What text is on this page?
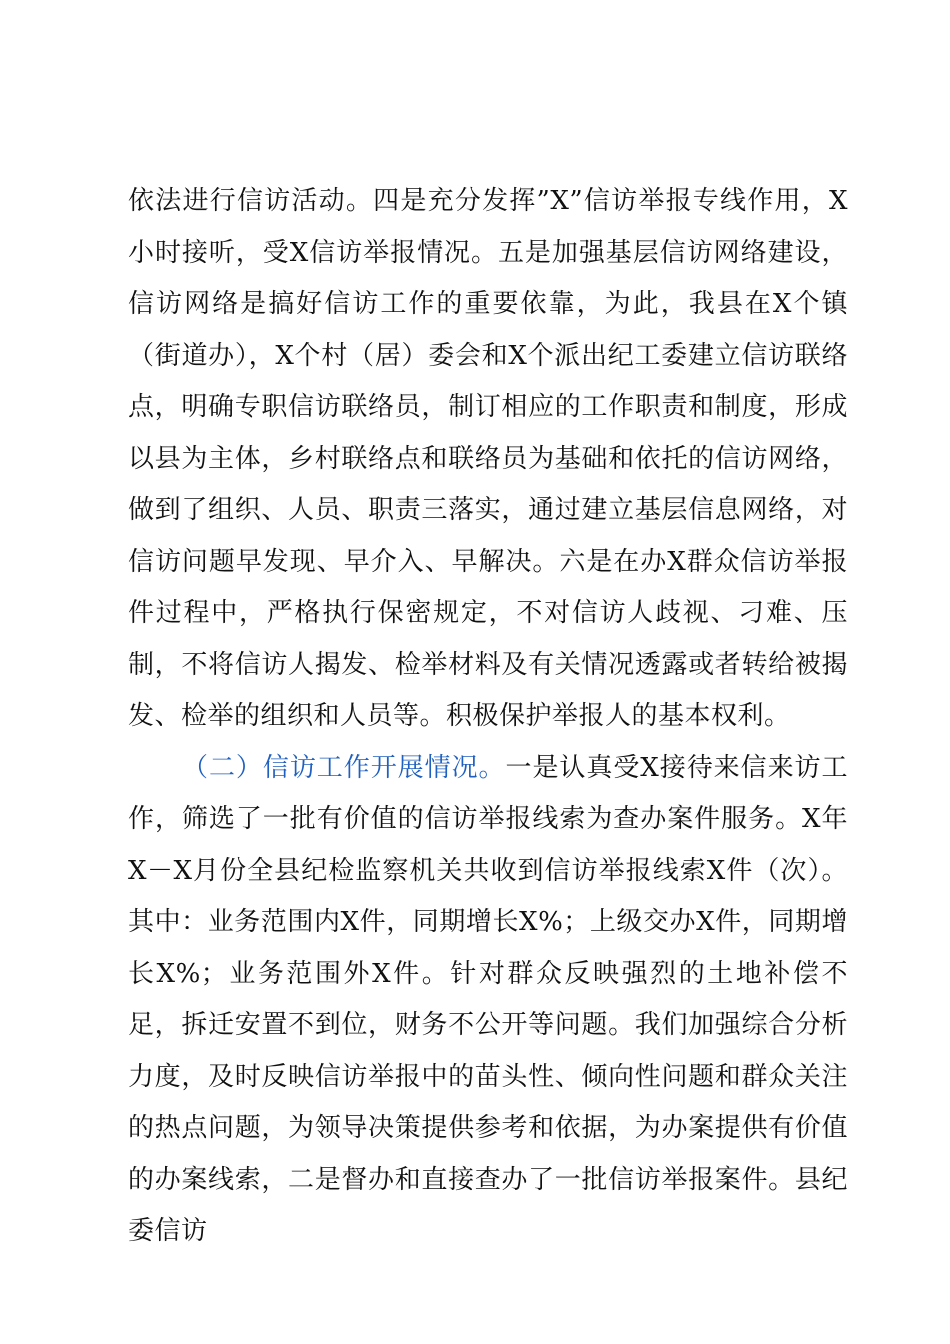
依法进行信访活动。四是充分发挥”X”信访举报专线作用，X小时接听，受X信访举报情况。五是加强基层信访网络建设，信访网络是搞好信访工作的重要依靠，为此，我县在X个镇（街道办），X个村（居）委会和X个派出纪工委建立信访联络点，明确专职信访联络员，制订相应的工作职责和制度，形成以县为主体，乡村联络点和联络员为基础和依托的信访网络，做到了组织、人员、职责三落实，通过建立基层信息网络，对信访问题早发现、早介入、早解决。六是在办X群众信访举报件过程中，严格执行保密规定，不对信访人歧视、刁难、压制，不将信访人揭发、检举材料及有关情况透露或者转给被揭发、检举的组织和人员等。积极保护举报人的基本权利。

（二）信访工作开展情况。一是认真受X接待来信来访工作，筛选了一批有价值的信访举报线索为查办案件服务。X年X－X月份全县纪检监察机关共收到信访举报线索X件（次）。其中：业务范围内X件，同期增长X%；上级交办X件，同期增长X%；业务范围外X件。针对群众反映强烈的土地补偿不足，拆迁安置不到位，财务不公开等问题。我们加强综合分析力度，及时反映信访举报中的苗头性、倾向性问题和群众关注的热点问题，为领导决策提供参考和依据，为办案提供有价值的办案线索，二是督办和直接查办了一批信访举报案件。县纪委信访
